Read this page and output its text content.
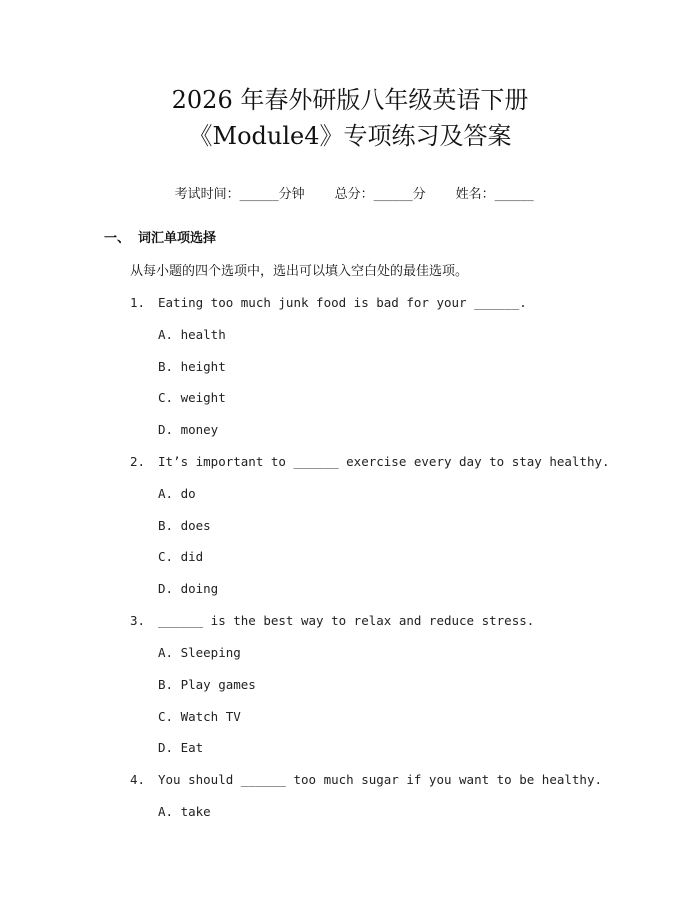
2026 年春外研版八年级英语下册
《Module4》专项练习及答案

考试时间：______分钟 总分：______分 姓名：______

一、 词汇单项选择
从每小题的四个选项中，选出可以填入空白处的最佳选项。
1. Eating too much junk food is bad for your ______.
A. health
B. height
C. weight
D. money
2. It’s important to ______ exercise every day to stay healthy.
A. do
B. does
C. did
D. doing
3. ______ is the best way to relax and reduce stress.
A. Sleeping
B. Play games
C. Watch TV
D. Eat
4. You should ______ too much sugar if you want to be healthy.
A. take
